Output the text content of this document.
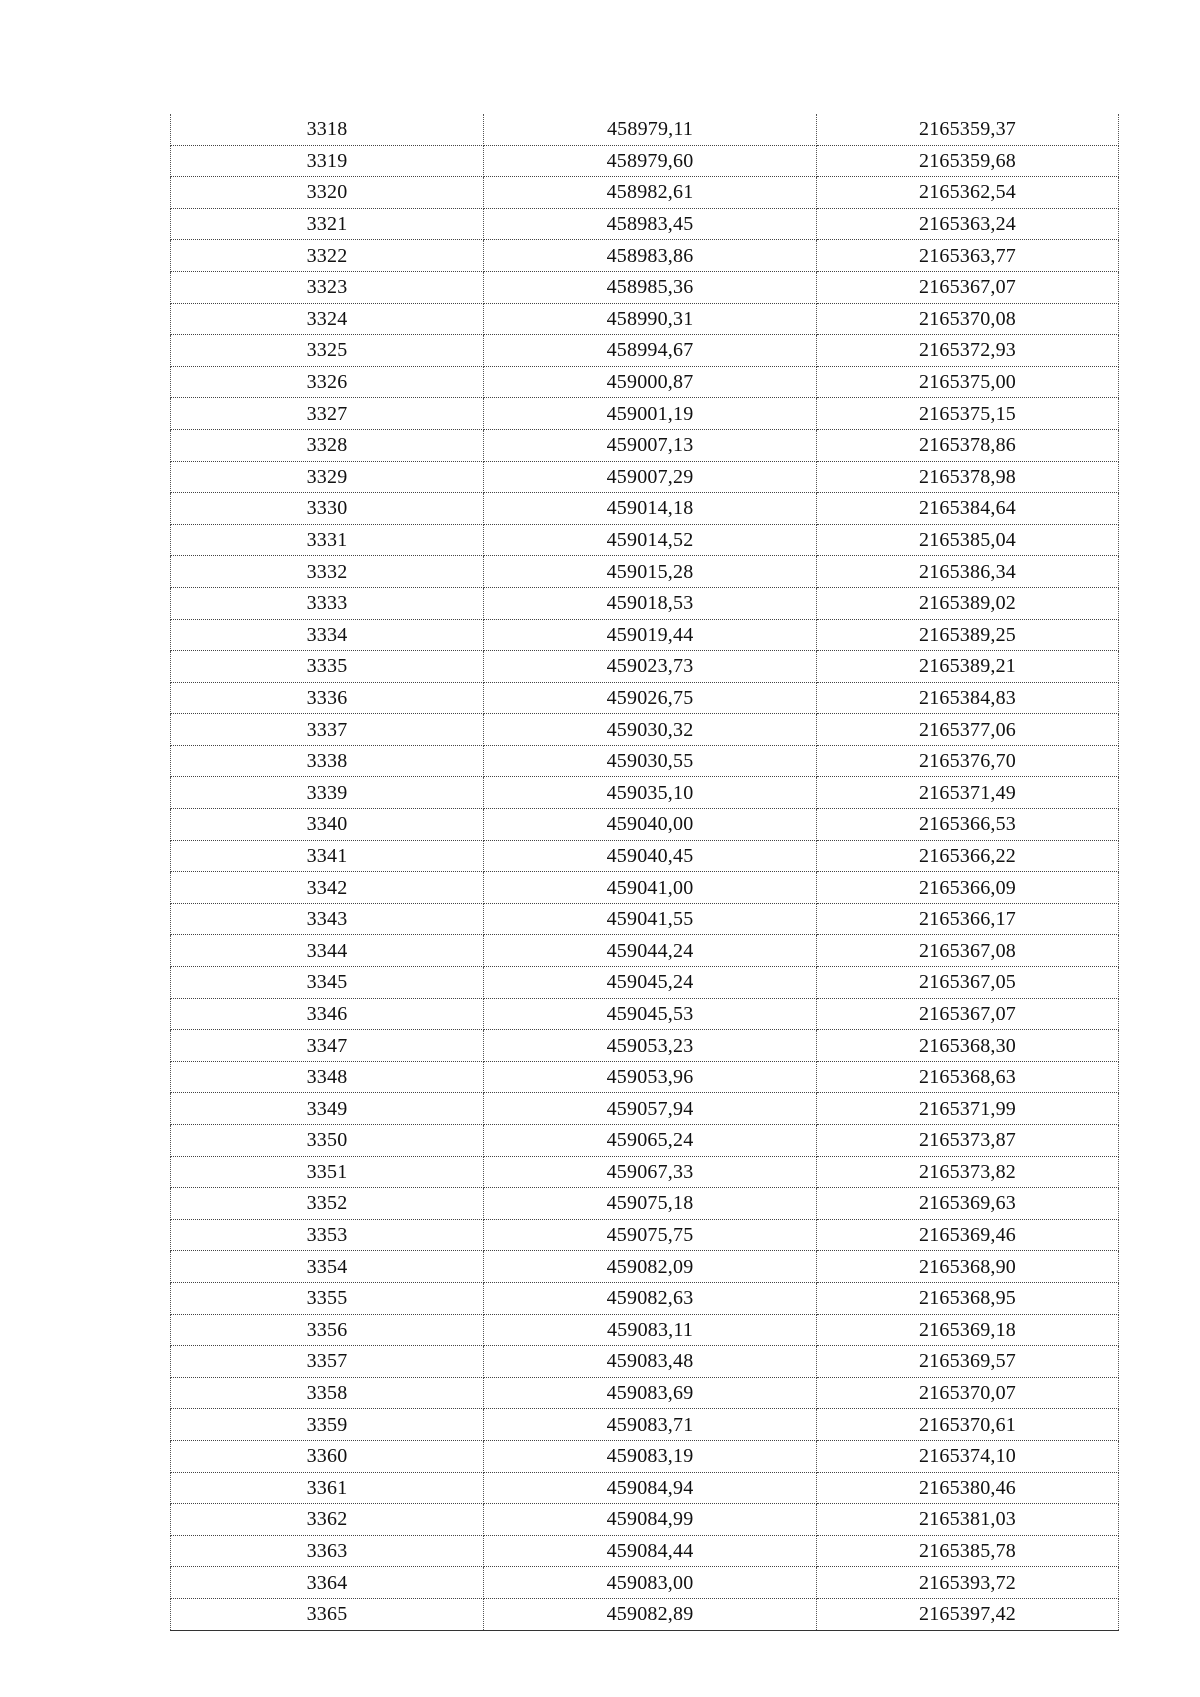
3318	458979,11	2165359,37
3319	458979,60	2165359,68
3320	458982,61	2165362,54
3321	458983,45	2165363,24
3322	458983,86	2165363,77
3323	458985,36	2165367,07
3324	458990,31	2165370,08
3325	458994,67	2165372,93
3326	459000,87	2165375,00
3327	459001,19	2165375,15
3328	459007,13	2165378,86
3329	459007,29	2165378,98
3330	459014,18	2165384,64
3331	459014,52	2165385,04
3332	459015,28	2165386,34
3333	459018,53	2165389,02
3334	459019,44	2165389,25
3335	459023,73	2165389,21
3336	459026,75	2165384,83
3337	459030,32	2165377,06
3338	459030,55	2165376,70
3339	459035,10	2165371,49
3340	459040,00	2165366,53
3341	459040,45	2165366,22
3342	459041,00	2165366,09
3343	459041,55	2165366,17
3344	459044,24	2165367,08
3345	459045,24	2165367,05
3346	459045,53	2165367,07
3347	459053,23	2165368,30
3348	459053,96	2165368,63
3349	459057,94	2165371,99
3350	459065,24	2165373,87
3351	459067,33	2165373,82
3352	459075,18	2165369,63
3353	459075,75	2165369,46
3354	459082,09	2165368,90
3355	459082,63	2165368,95
3356	459083,11	2165369,18
3357	459083,48	2165369,57
3358	459083,69	2165370,07
3359	459083,71	2165370,61
3360	459083,19	2165374,10
3361	459084,94	2165380,46
3362	459084,99	2165381,03
3363	459084,44	2165385,78
3364	459083,00	2165393,72
3365	459082,89	2165397,42
